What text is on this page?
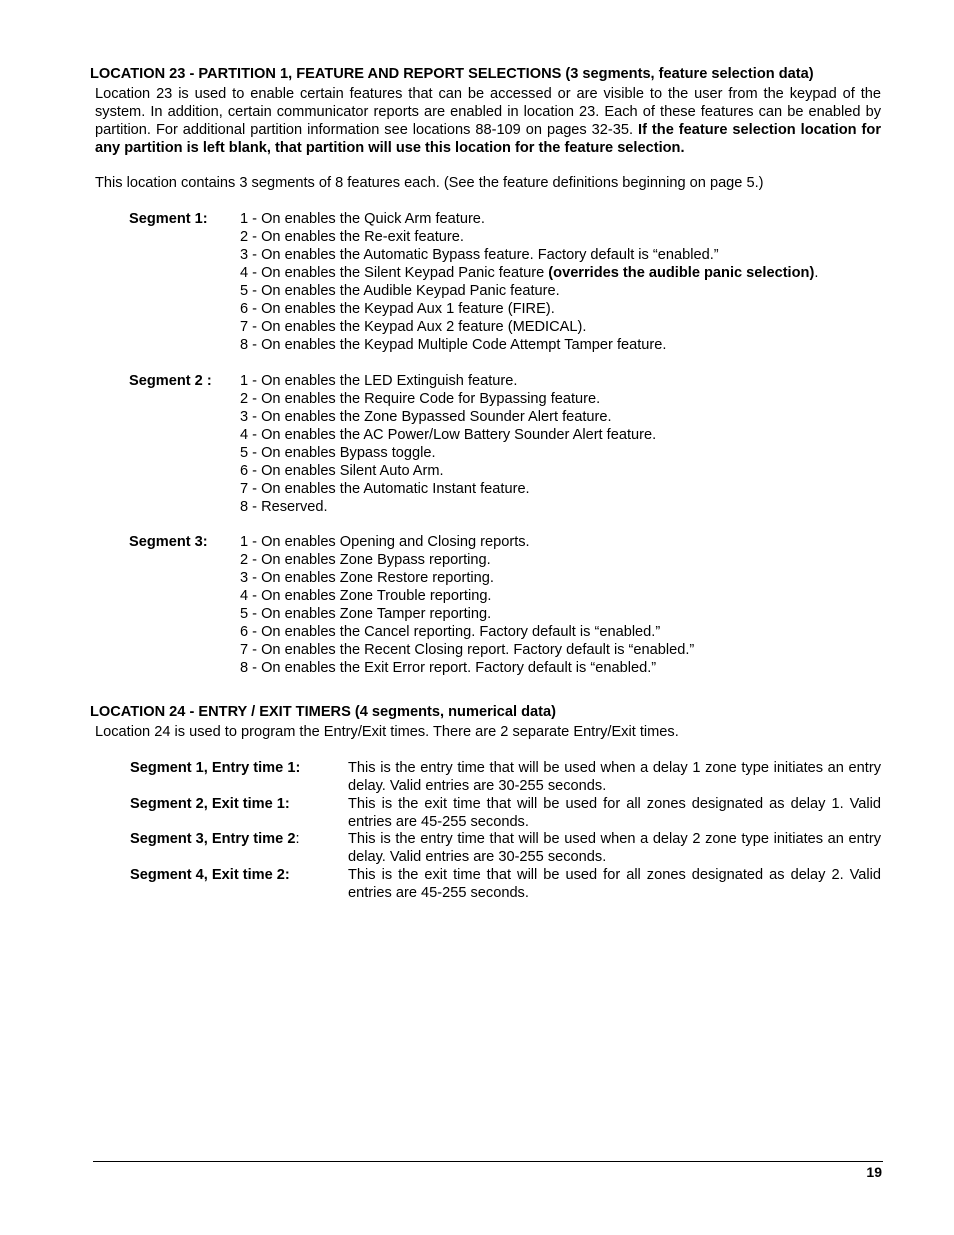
LOCATION 23 - PARTITION 1, FEATURE AND REPORT SELECTIONS (3 segments, feature selection data)
Location 23 is used to enable certain features that can be accessed or are visible to the user from the keypad of the system. In addition, certain communicator reports are enabled in location 23. Each of these features can be enabled by partition. For additional partition information see locations 88-109 on pages 32-35. If the feature selection location for any partition is left blank, that partition will use this location for the feature selection.
This location contains 3 segments of 8 features each. (See the feature definitions beginning on page 5.)
Segment 1: 1 - On enables the Quick Arm feature.
2 - On enables the Re-exit feature.
3 - On enables the Automatic Bypass feature. Factory default is “enabled.”
4 - On enables the Silent Keypad Panic feature (overrides the audible panic selection).
5 - On enables the Audible Keypad Panic feature.
6 - On enables the Keypad Aux 1 feature (FIRE).
7 - On enables the Keypad Aux 2 feature (MEDICAL).
8 - On enables the Keypad Multiple Code Attempt Tamper feature.
Segment 2 : 1 - On enables the LED Extinguish feature.
2 - On enables the Require Code for Bypassing feature.
3 - On enables the Zone Bypassed Sounder Alert feature.
4 - On enables the AC Power/Low Battery Sounder Alert feature.
5 - On enables Bypass toggle.
6 - On enables Silent Auto Arm.
7 - On enables the Automatic Instant feature.
8 - Reserved.
Segment 3: 1 - On enables Opening and Closing reports.
2 - On enables Zone Bypass reporting.
3 - On enables Zone Restore reporting.
4 - On enables Zone Trouble reporting.
5 - On enables Zone Tamper reporting.
6 - On enables the Cancel reporting. Factory default is “enabled.”
7 - On enables the Recent Closing report. Factory default is “enabled.”
8 - On enables the Exit Error report. Factory default is “enabled.”
LOCATION 24 - ENTRY / EXIT TIMERS (4 segments, numerical data)
Location 24 is used to program the Entry/Exit times. There are 2 separate Entry/Exit times.
Segment 1, Entry time 1:	This is the entry time that will be used when a delay 1 zone type initiates an entry delay. Valid entries are 30-255 seconds.
Segment 2, Exit time 1:	This is the exit time that will be used for all zones designated as delay 1. Valid entries are 45-255 seconds.
Segment 3, Entry time 2:	This is the entry time that will be used when a delay 2 zone type initiates an entry delay. Valid entries are 30-255 seconds.
Segment 4, Exit time 2:	This is the exit time that will be used for all zones designated as delay 2. Valid entries are 45-255 seconds.
19
